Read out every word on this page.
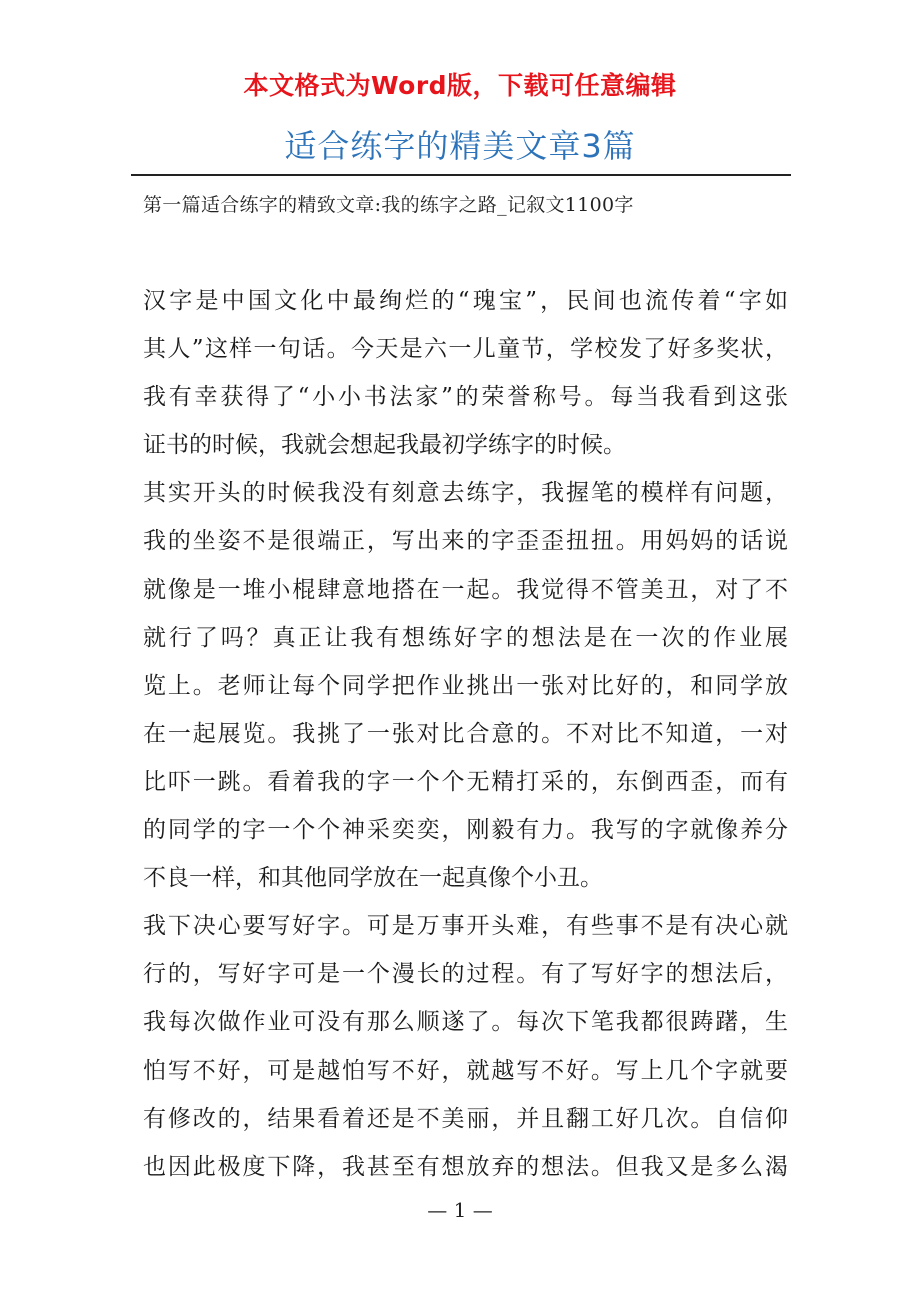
本文格式为Word版，下载可任意编辑
适合练字的精美文章3篇
第一篇适合练字的精致文章:我的练字之路_记叙文1100字
汉字是中国文化中最绚烂的“瑰宝”，民间也流传着“字如
其人”这样一句话。今天是六一儿童节，学校发了好多奖状，
我有幸获得了“小小书法家”的荣誉称号。每当我看到这张
证书的时候，我就会想起我最初学练字的时候。
其实开头的时候我没有刻意去练字，我握笔的模样有问题，
我的坐姿不是很端正，写出来的字歪歪扭扭。用妈妈的话说
就像是一堆小棍肆意地搭在一起。我觉得不管美丑，对了不
就行了吗？真正让我有想练好字的想法是在一次的作业展
览上。老师让每个同学把作业挑出一张对比好的，和同学放
在一起展览。我挑了一张对比合意的。不对比不知道，一对
比吓一跳。看着我的字一个个无精打采的，东倒西歪，而有
的同学的字一个个神采奕奕，刚毅有力。我写的字就像养分
不良一样，和其他同学放在一起真像个小丑。
我下决心要写好字。可是万事开头难，有些事不是有决心就
行的，写好字可是一个漫长的过程。有了写好字的想法后，
我每次做作业可没有那么顺遂了。每次下笔我都很踌躇，生
怕写不好，可是越怕写不好，就越写不好。写上几个字就要
有修改的，结果看着还是不美丽，并且翻工好几次。自信仰
也因此极度下降，我甚至有想放弃的想法。但我又是多么渴
— 1 —
